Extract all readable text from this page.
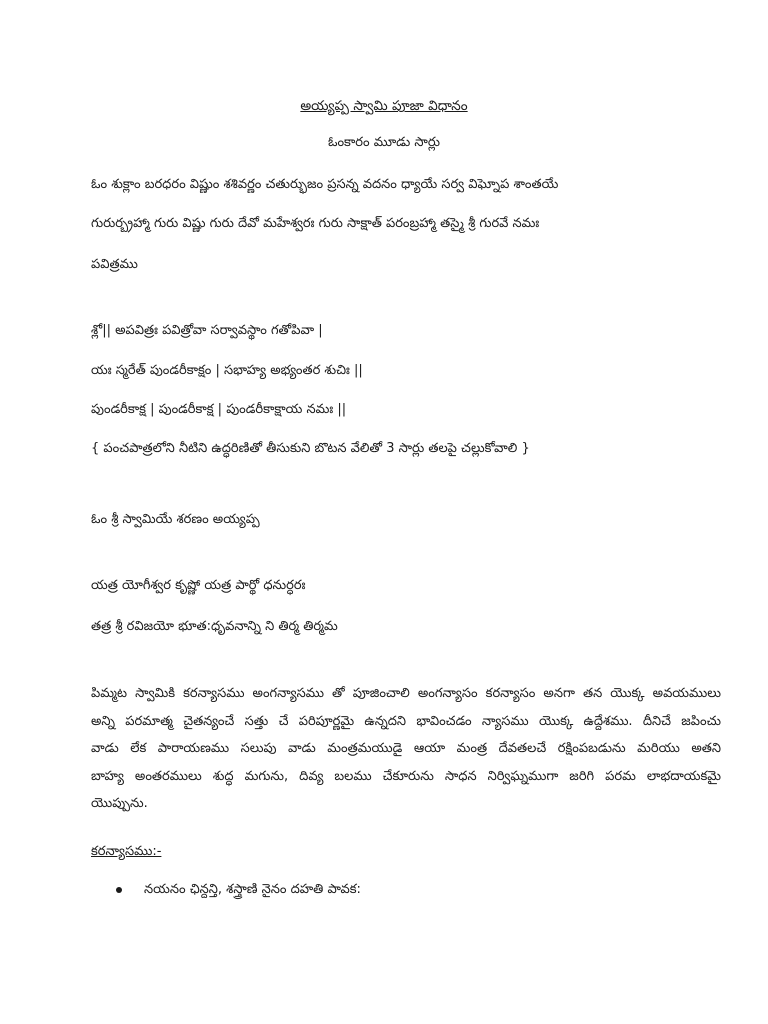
అయ్యప్ప స్వామి పూజా విధానం
ఓంకారం మూడు సార్లు
ఓం శుక్లాం బరధరం విష్ణుం శశివర్ణం చతుర్భుజం ప్రసన్న వదనం ధ్యాయే సర్వ విఘ్నోప శాంతయే
గురుర్బ్రహ్మా గురు విష్ణు గురు దేవో మహేశ్వరః గురు సాక్షాత్ పరంబ్రహ్మా తస్మై శ్రీ గురవే నమః
పవిత్రము
శ్లో|| అపవిత్రః పవిత్రోవా సర్వావస్థాం గతోపివా |
యః స్మరేత్ పుండరీకాక్షం | సభాహ్య అభ్యంతర శుచిః ||
పుండరీకాక్ష | పుండరీకాక్ష | పుండరీకాక్షాయ నమః ||
{ పంచపాత్రలోని నీటిని ఉద్ధరిణితో తీసుకుని బొటన వేలితో 3 సార్లు తలపై చల్లుకోవాలి }
ఓం శ్రీ స్వామియే శరణం అయ్యప్ప
యత్ర యోగీశ్వర కృష్ణో యత్ర పార్థో ధనుర్ధరః
తత్ర శ్రీ రవిజయో భూత:ధృవనాన్ని ని తిర్మ తిర్మమ
పిమ్మట స్వామికి కరన్యాసము అంగన్యాసము తో పూజించాలి అంగన్యాసం కరన్యాసం అనగా తన యొక్క అవయములు
అన్ని పరమాత్మ చైతన్యంచే సత్తు చే పరిపూర్ణమై ఉన్నదని భావించడం న్యాసము యొక్క ఉద్దేశము. దీనిచే జపించు
వాడు లేక పారాయణము సలుపు వాడు మంత్రమయుడై ఆయా మంత్ర దేవతలచే రక్షింపబడును మరియు అతని
బాహ్య అంతరములు శుద్ధ మగును, దివ్య బలము చేకూరును సాధన నిర్విఘ్నముగా జరిగి పరమ లాభదాయకమై
యొప్పును.
కరన్యాసము:-
నయనం ఛిన్దన్తి, శస్త్రాణి నైనం దహతి పావక:
